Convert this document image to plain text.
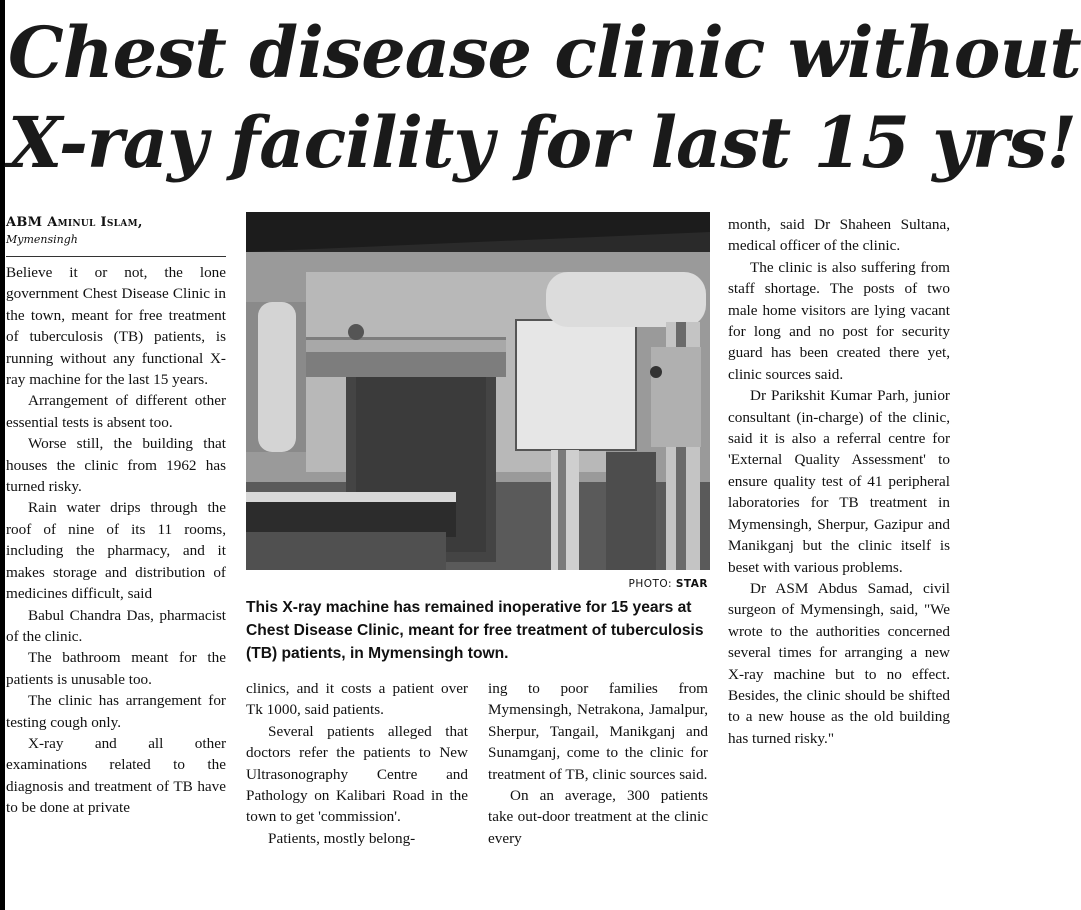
Chest disease clinic without
X-ray facility for last 15 yrs!
ABM Aminul Islam,
Mymensingh

Believe it or not, the lone government Chest Disease Clinic in the town, meant for free treatment of tuberculosis (TB) patients, is running without any functional X-ray machine for the last 15 years.

Arrangement of different other essential tests is absent too.

Worse still, the building that houses the clinic from 1962 has turned risky.

Rain water drips through the roof of nine of its 11 rooms, including the pharmacy, and it makes storage and distribution of medicines difficult, said

Babul Chandra Das, pharmacist of the clinic.

The bathroom meant for the patients is unusable too.

The clinic has arrangement for testing cough only.

X-ray and all other examinations related to the diagnosis and treatment of TB have to be done at private

PHOTO: STAR
This X-ray machine has remained inoperative for 15 years at Chest Disease Clinic, meant for free treatment of tuberculosis (TB) patients, in Mymensingh town.

clinics, and it costs a patient over Tk 1000, said patients.

Several patients alleged that doctors refer the patients to New Ultrasonography Centre and Pathology on Kalibari Road in the town to get 'commission'.

Patients, mostly belong-

ing to poor families from Mymensingh, Netrakona, Jamalpur, Sherpur, Tangail, Manikganj and Sunamganj, come to the clinic for treatment of TB, clinic sources said.

On an average, 300 patients take out-door treatment at the clinic every

month, said Dr Shaheen Sultana, medical officer of the clinic.

The clinic is also suffering from staff shortage. The posts of two male home visitors are lying vacant for long and no post for security guard has been created there yet, clinic sources said.

Dr Parikshit Kumar Parh, junior consultant (in-charge) of the clinic, said it is also a referral centre for 'External Quality Assessment' to ensure quality test of 41 peripheral laboratories for TB treatment in Mymensingh, Sherpur, Gazipur and Manikganj but the clinic itself is beset with various problems.

Dr ASM Abdus Samad, civil surgeon of Mymensingh, said, "We wrote to the authorities concerned several times for arranging a new X-ray machine but to no effect. Besides, the clinic should be shifted to a new house as the old building has turned risky."
